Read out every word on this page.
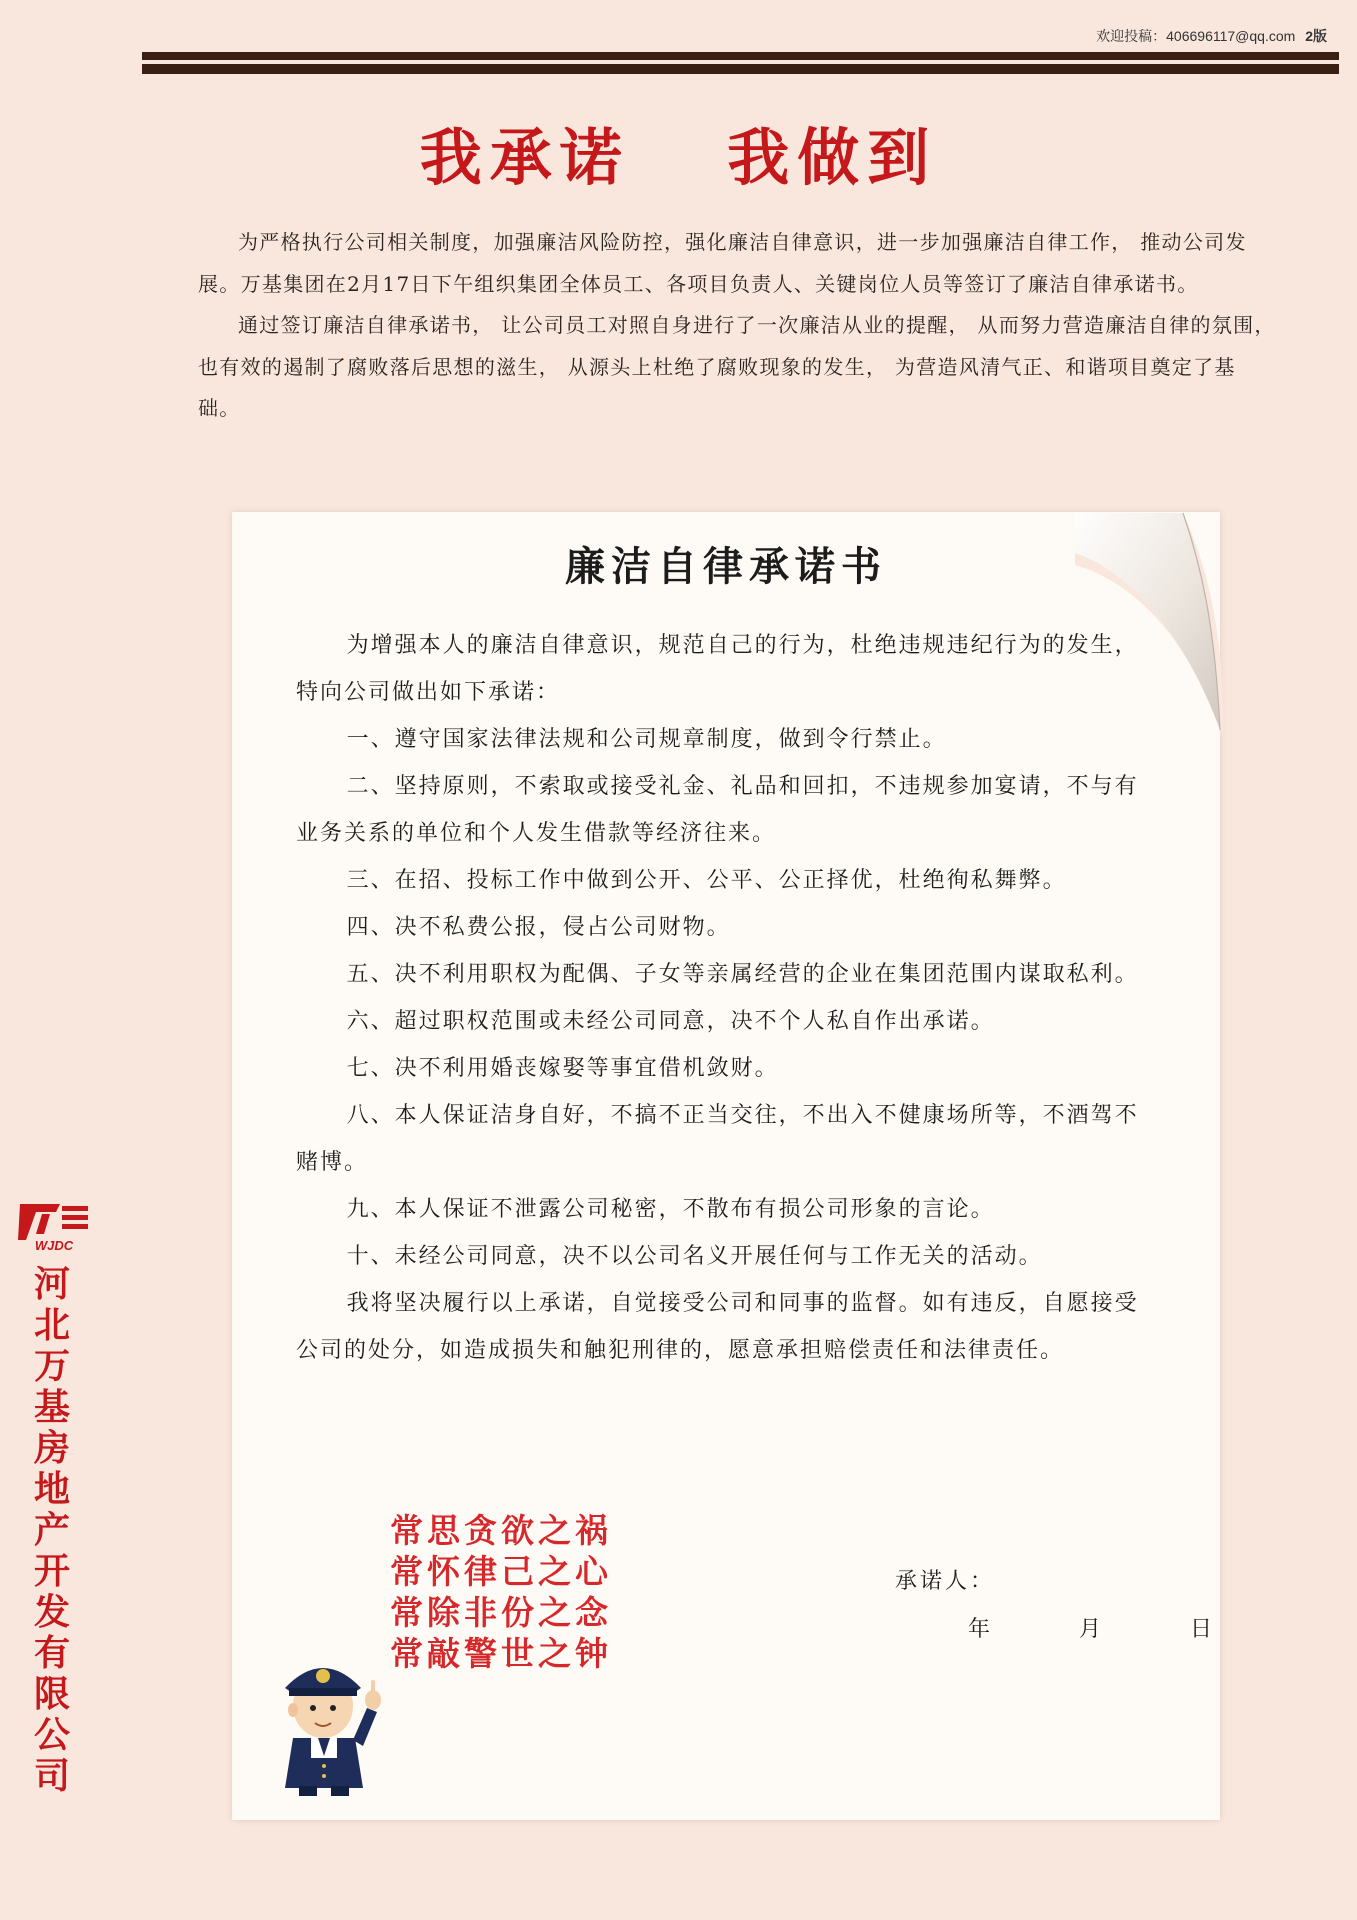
欢迎投稿：406696117@qq.com 2版
我承诺 我做到

为严格执行公司相关制度，加强廉洁风险防控，强化廉洁自律意识，进一步加强廉洁自律工作， 推动公司发展。万基集团在2月17日下午组织集团全体员工、各项目负责人、关键岗位人员等签订了廉洁自律承诺书。

通过签订廉洁自律承诺书， 让公司员工对照自身进行了一次廉洁从业的提醒， 从而努力营造廉洁自律的氛围， 也有效的遏制了腐败落后思想的滋生， 从源头上杜绝了腐败现象的发生， 为营造风清气正、和谐项目奠定了基础。

廉洁自律承诺书

为增强本人的廉洁自律意识，规范自己的行为，杜绝违规违纪行为的发生，特向公司做出如下承诺：

一、遵守国家法律法规和公司规章制度，做到令行禁止。

二、坚持原则，不索取或接受礼金、礼品和回扣，不违规参加宴请，不与有业务关系的单位和个人发生借款等经济往来。

三、在招、投标工作中做到公开、公平、公正择优，杜绝徇私舞弊。

四、决不私费公报，侵占公司财物。

五、决不利用职权为配偶、子女等亲属经营的企业在集团范围内谋取私利。

六、超过职权范围或未经公司同意，决不个人私自作出承诺。

七、决不利用婚丧嫁娶等事宜借机敛财。

八、本人保证洁身自好，不搞不正当交往，不出入不健康场所等，不酒驾不赌博。

九、本人保证不泄露公司秘密，不散布有损公司形象的言论。

十、未经公司同意，决不以公司名义开展任何与工作无关的活动。

我将坚决履行以上承诺，自觉接受公司和同事的监督。如有违反，自愿接受公司的处分，如造成损失和触犯刑律的，愿意承担赔偿责任和法律责任。

常思贪欲之祸
常怀律己之心
常除非份之念
常敲警世之钟
承诺人：
年	月	日
WJDC
河
北
万
基
房
地
产
开
发
有
限
公
司
